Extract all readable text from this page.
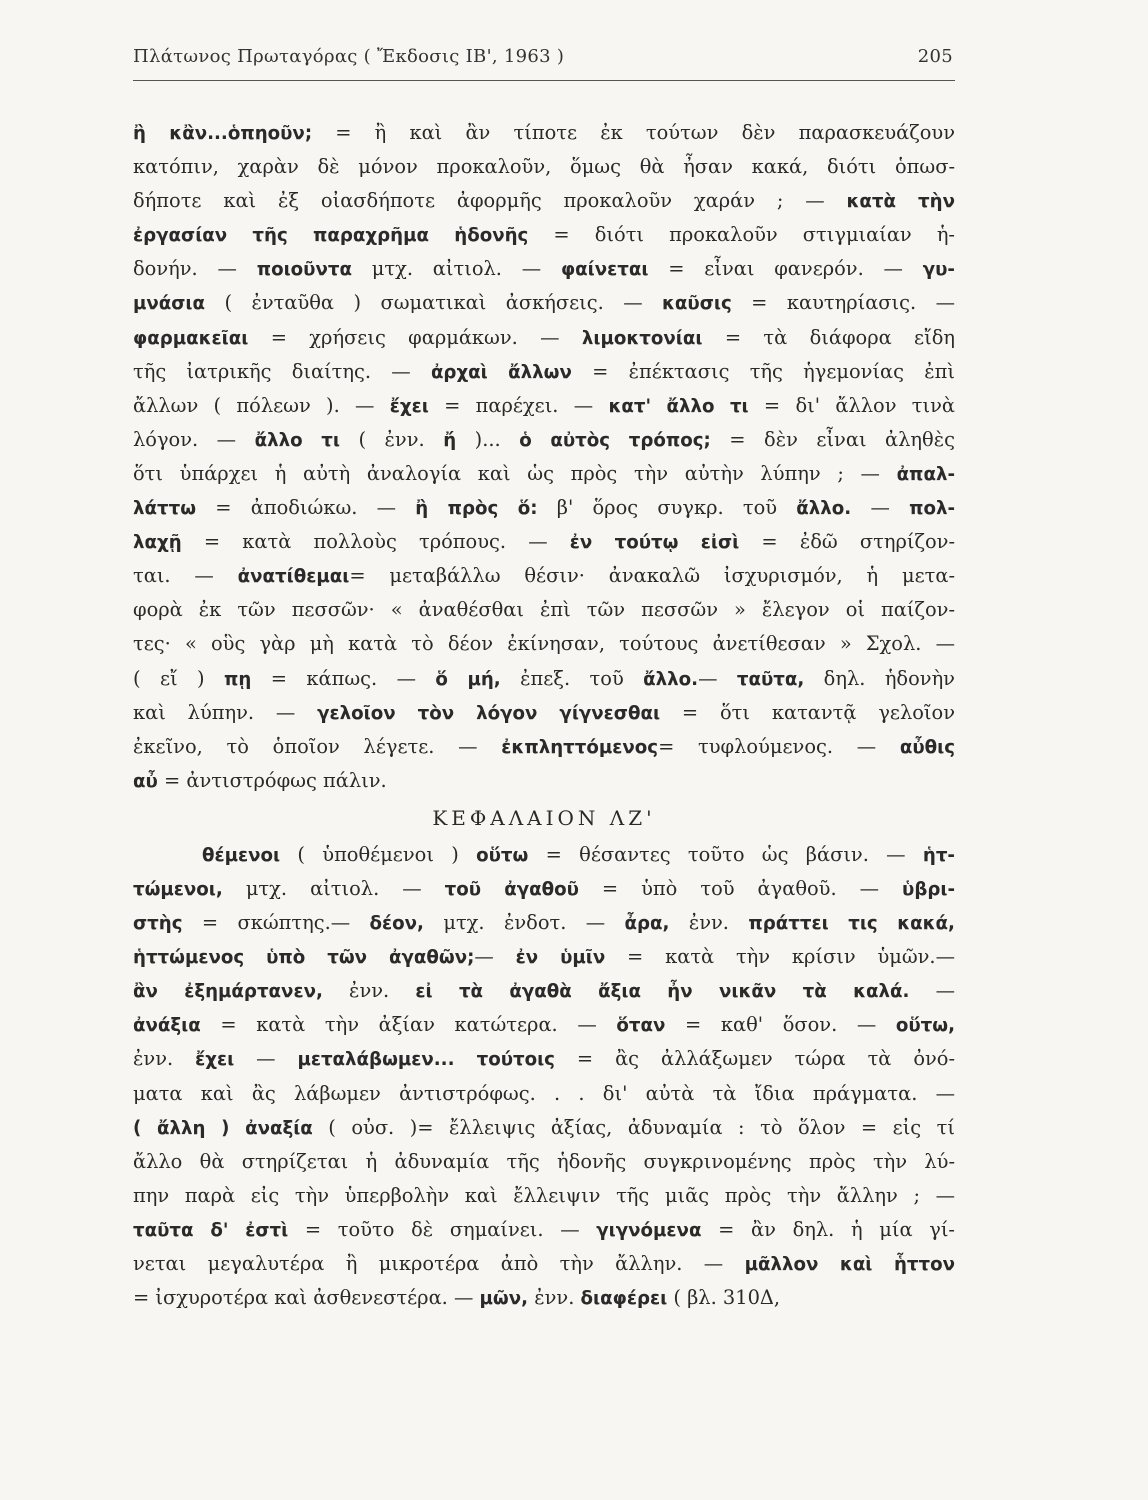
Πλάτωνος Πρωταγόρας ( Ἔκδοσις ΙΒ', 1963 )	205
ἢ κἂν...ὁπηοῦν; = ἢ καὶ ἂν τίποτε ἐκ τούτων δὲν παρασκευάζουν
κατόπιν, χαρὰν δὲ μόνον προκαλοῦν, ὅμως θὰ ἦσαν κακά, διότι ὁπωσ-
δήποτε καὶ ἐξ οἰασδήποτε ἀφορμῆς προκαλοῦν χαράν ; — κατὰ τὴν
ἐργασίαν τῆς παραχρῆμα ἡδονῆς = διότι προκαλοῦν στιγμιαίαν ἡ-
δονήν. — ποιοῦντα μτχ. αἰτιολ. — φαίνεται = εἶναι φανερόν. — γυ-
μνάσια ( ἐνταῦθα ) σωματικαὶ ἀσκήσεις. — καῦσις = καυτηρίασις. —
φαρμακεῖαι = χρήσεις φαρμάκων. — λιμοκτονίαι = τὰ διάφορα εἴδη
τῆς ἰατρικῆς διαίτης. — ἀρχαὶ ἄλλων = ἐπέκτασις τῆς ἡγεμονίας ἐπὶ
ἄλλων ( πόλεων ). — ἔχει = παρέχει. — κατ' ἄλλο τι = δι' ἄλλον τινὰ
λόγον. — ἄλλο τι ( ἐνν. ἤ )... ὁ αὐτὸς τρόπος; = δὲν εἶναι ἀληθὲς
ὅτι ὑπάρχει ἡ αὐτὴ ἀναλογία καὶ ὡς πρὸς τὴν αὐτὴν λύπην ; — ἀπαλ-
λάττω = ἀποδιώκω. — ἢ πρὸς ὅ: β' ὅρος συγκρ. τοῦ ἄλλο. — πολ-
λαχῇ = κατὰ πολλοὺς τρόπους. — ἐν τούτῳ εἰσὶ = ἐδῶ στηρίζον-
ται. — ἀνατίθεμαι= μεταβάλλω θέσιν· ἀνακαλῶ ἰσχυρισμόν, ἡ μετα-
φορὰ ἐκ τῶν πεσσῶν· « ἀναθέσθαι ἐπὶ τῶν πεσσῶν » ἔλεγον οἱ παίζον-
τες· « οὓς γὰρ μὴ κατὰ τὸ δέον ἐκίνησαν, τούτους ἀνετίθεσαν » Σχολ. —
( εἴ ) πῃ = κάπως. — ὅ μή, ἐπεξ. τοῦ ἄλλο.— ταῦτα, δηλ. ἡδονὴν
καὶ λύπην. — γελοῖον τὸν λόγον γίγνεσθαι = ὅτι καταντᾷ γελοῖον
ἐκεῖνο, τὸ ὁποῖον λέγετε. — ἐκπληττόμενος= τυφλούμενος. — αὖθις
αὖ = ἀντιστρόφως πάλιν.
ΚΕΦΑΛΑΙΟΝ ΛΖ'
θέμενοι ( ὑποθέμενοι ) οὕτω = θέσαντες τοῦτο ὡς βάσιν. — ἡτ-
τώμενοι, μτχ. αἰτιολ. — τοῦ ἀγαθοῦ = ὑπὸ τοῦ ἀγαθοῦ. — ὑβρι-
στὴς = σκώπτης.— δέον, μτχ. ἐνδοτ. — ἆρα, ἐνν. πράττει τις κακά,
ἡττώμενος ὑπὸ τῶν ἀγαθῶν;— ἐν ὑμῖν = κατὰ τὴν κρίσιν ὑμῶν.—
ἂν ἐξημάρτανεν, ἐνν. εἰ τὰ ἀγαθὰ ἄξια ἦν νικᾶν τὰ καλά. —
ἀνάξια = κατὰ τὴν ἀξίαν κατώτερα. — ὅταν = καθ' ὅσον. — οὕτω,
ἐνν. ἔχει — μεταλάβωμεν... τούτοις = ἂς ἀλλάξωμεν τώρα τὰ ὀνό-
ματα καὶ ἂς λάβωμεν ἀντιστρόφως. . . δι' αὐτὰ τὰ ἴδια πράγματα. —
( ἄλλη ) ἀναξία ( οὐσ. )= ἔλλειψις ἀξίας, ἀδυναμία : τὸ ὅλον = εἰς τί
ἄλλο θὰ στηρίζεται ἡ ἀδυναμία τῆς ἡδονῆς συγκρινομένης πρὸς τὴν λύ-
πην παρὰ εἰς τὴν ὑπερβολὴν καὶ ἔλλειψιν τῆς μιᾶς πρὸς τὴν ἄλλην ; —
ταῦτα δ' ἐστὶ = τοῦτο δὲ σημαίνει. — γιγνόμενα = ἂν δηλ. ἡ μία γί-
νεται μεγαλυτέρα ἢ μικροτέρα ἀπὸ τὴν ἄλλην. — μᾶλλον καὶ ἧττον
= ἰσχυροτέρα καὶ ἀσθενεστέρα. — μῶν, ἐνν. διαφέρει ( βλ. 310Δ,
